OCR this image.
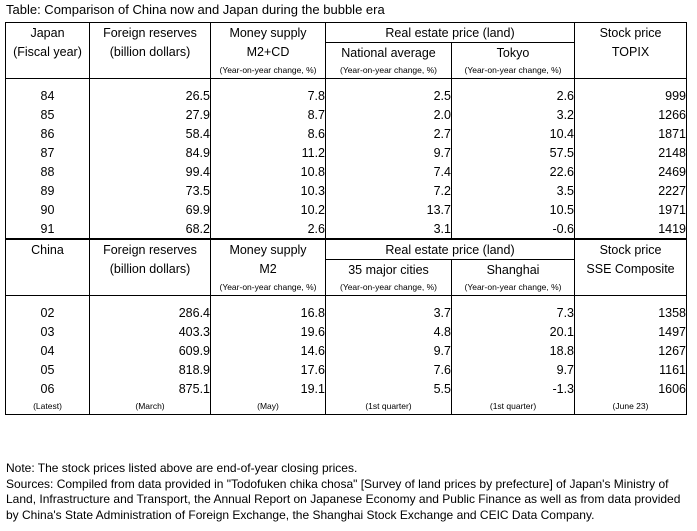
Table: Comparison of China now and Japan during the bubble era
Japan	Foreign reserves	Money supply	Real estate price (land)		Stock price
(Fiscal year)	(billion dollars)	M2+CD	National average	Tokyo	TOPIX
		(Year-on-year change, %)	(Year-on-year change, %)	(Year-on-year change, %)	

84	26.5	7.8	2.5	2.6	999
85	27.9	8.7	2.0	3.2	1266
86	58.4	8.6	2.7	10.4	1871
87	84.9	11.2	9.7	57.5	2148
88	99.4	10.8	7.4	22.6	2469
89	73.5	10.3	7.2	3.5	2227
90	69.9	10.2	13.7	10.5	1971
91	68.2	2.6	3.1	-0.6	1419
China	Foreign reserves	Money supply	Real estate price (land)		Stock price
	(billion dollars)	M2	35 major cities	Shanghai	SSE Composite
		(Year-on-year change, %)	(Year-on-year change, %)	(Year-on-year change, %)	

02	286.4	16.8	3.7	7.3	1358
03	403.3	19.6	4.8	20.1	1497
04	609.9	14.6	9.7	18.8	1267
05	818.9	17.6	7.6	9.7	1161
06	875.1	19.1	5.5	-1.3	1606
(Latest)	(March)	(May)	(1st quarter)	(1st quarter)	(June 23)

Note: The stock prices listed above are end-of-year closing prices.

Sources: Compiled from data provided in "Todofuken chika chosa" [Survey of land prices by prefecture] of Japan's Ministry of Land, Infrastructure and Transport, the Annual Report on Japanese Economy and Public Finance as well as from data provided by China's State Administration of Foreign Exchange, the Shanghai Stock Exchange and CEIC Data Company.
